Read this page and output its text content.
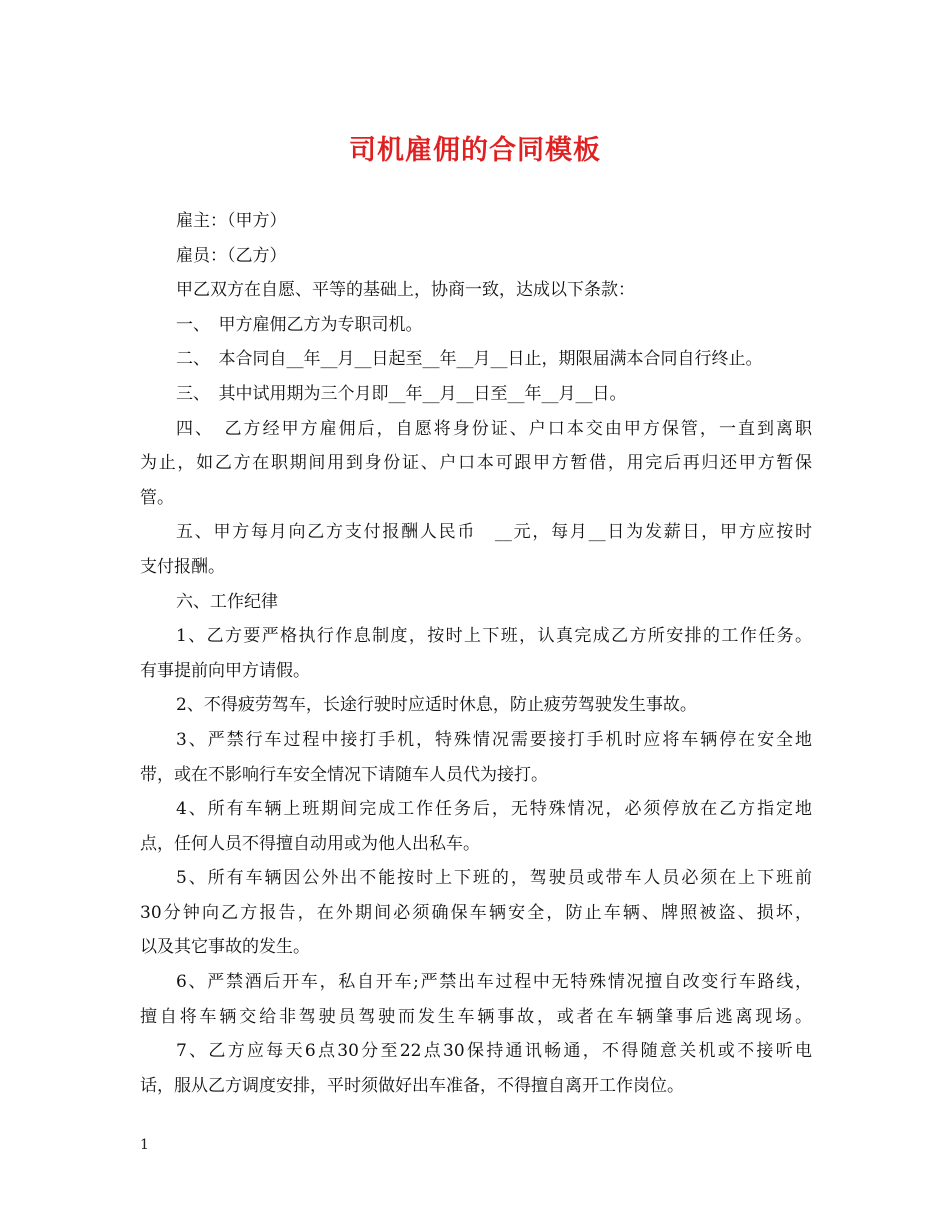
司机雇佣的合同模板
雇主：（甲方）
雇员：（乙方）
甲乙双方在自愿、平等的基础上，协商一致，达成以下条款：
一、　甲方雇佣乙方为专职司机。
二、　本合同自__年__月__日起至__年__月__日止，期限届满本合同自行终止。
三、　其中试用期为三个月即__年__月__日至__年__月__日。
四、　乙方经甲方雇佣后，自愿将身份证、户口本交由甲方保管，一直到离职
为止，如乙方在职期间用到身份证、户口本可跟甲方暂借，用完后再归还甲方暂保
管。
五、甲方每月向乙方支付报酬人民币　__元，每月__日为发薪日，甲方应按时
支付报酬。
六、工作纪律
1、乙方要严格执行作息制度，按时上下班，认真完成乙方所安排的工作任务。
有事提前向甲方请假。
2、不得疲劳驾车，长途行驶时应适时休息，防止疲劳驾驶发生事故。
3、严禁行车过程中接打手机，特殊情况需要接打手机时应将车辆停在安全地
带，或在不影响行车安全情况下请随车人员代为接打。
4、所有车辆上班期间完成工作任务后，无特殊情况，必须停放在乙方指定地
点，任何人员不得擅自动用或为他人出私车。
5、所有车辆因公外出不能按时上下班的，驾驶员或带车人员必须在上下班前
30分钟向乙方报告，在外期间必须确保车辆安全，防止车辆、牌照被盗、损坏，
以及其它事故的发生。
6、严禁酒后开车，私自开车;严禁出车过程中无特殊情况擅自改变行车路线，
擅自将车辆交给非驾驶员驾驶而发生车辆事故，或者在车辆肇事后逃离现场。
7、乙方应每天6点30分至22点30保持通讯畅通，不得随意关机或不接听电
话，服从乙方调度安排，平时须做好出车准备，不得擅自离开工作岗位。
1
